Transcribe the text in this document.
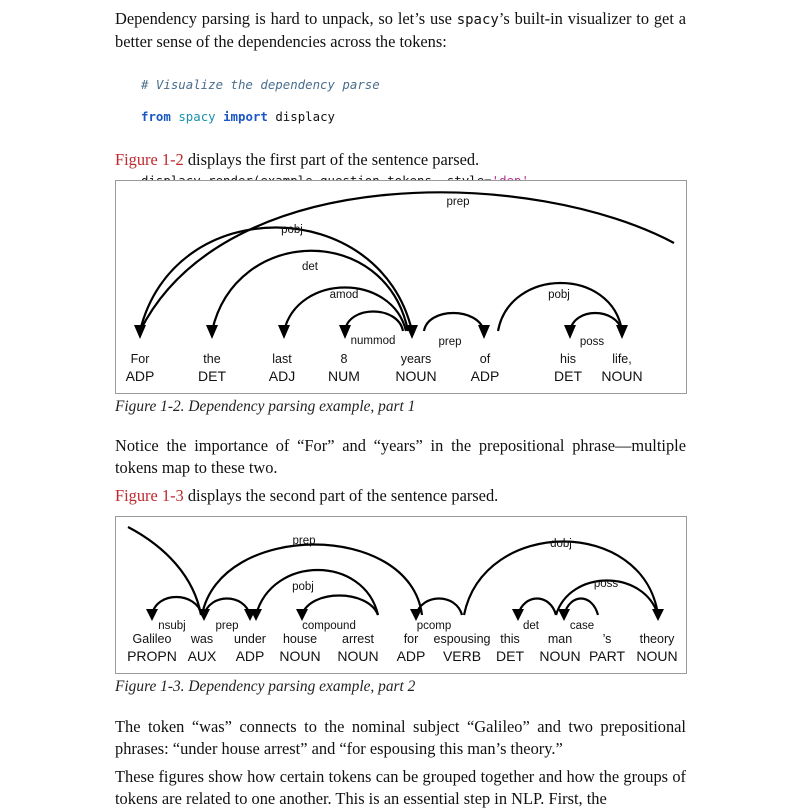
Dependency parsing is hard to unpack, so let’s use spacy’s built-in visualizer to get a better sense of the dependencies across the tokens:

# Visualize the dependency parse

from spacy import displacy

Figure 1-2 displays the first part of the sentence parsed.

prep
pobj
det
amod
nummod	prep
pobj
poss
For
ADP
the
DET
last
ADJ
8
NUM
years
NOUN
of
ADP
his
DET
life,
NOUN
Figure 1-2. Dependency parsing example, part 1

Notice the importance of “For” and “years” in the prepositional phrase—multiple tokens map to these two.

Figure 1-3 displays the second part of the sentence parsed.

prep	dobj
pobj	poss
nsubj	prep	compound	pcomp	det	case
Galileo
PROPN
was
AUX
under
ADP
house
NOUN
arrest
NOUN
for
ADP
espousing
VERB
this
DET
man
NOUN
’s
PART
theory
NOUN
Figure 1-3. Dependency parsing example, part 2

The token “was” connects to the nominal subject “Galileo” and two prepositional phrases: “under house arrest” and “for espousing this man’s theory.”

These figures show how certain tokens can be grouped together and how the groups of tokens are related to one another. This is an essential step in NLP. First, the
